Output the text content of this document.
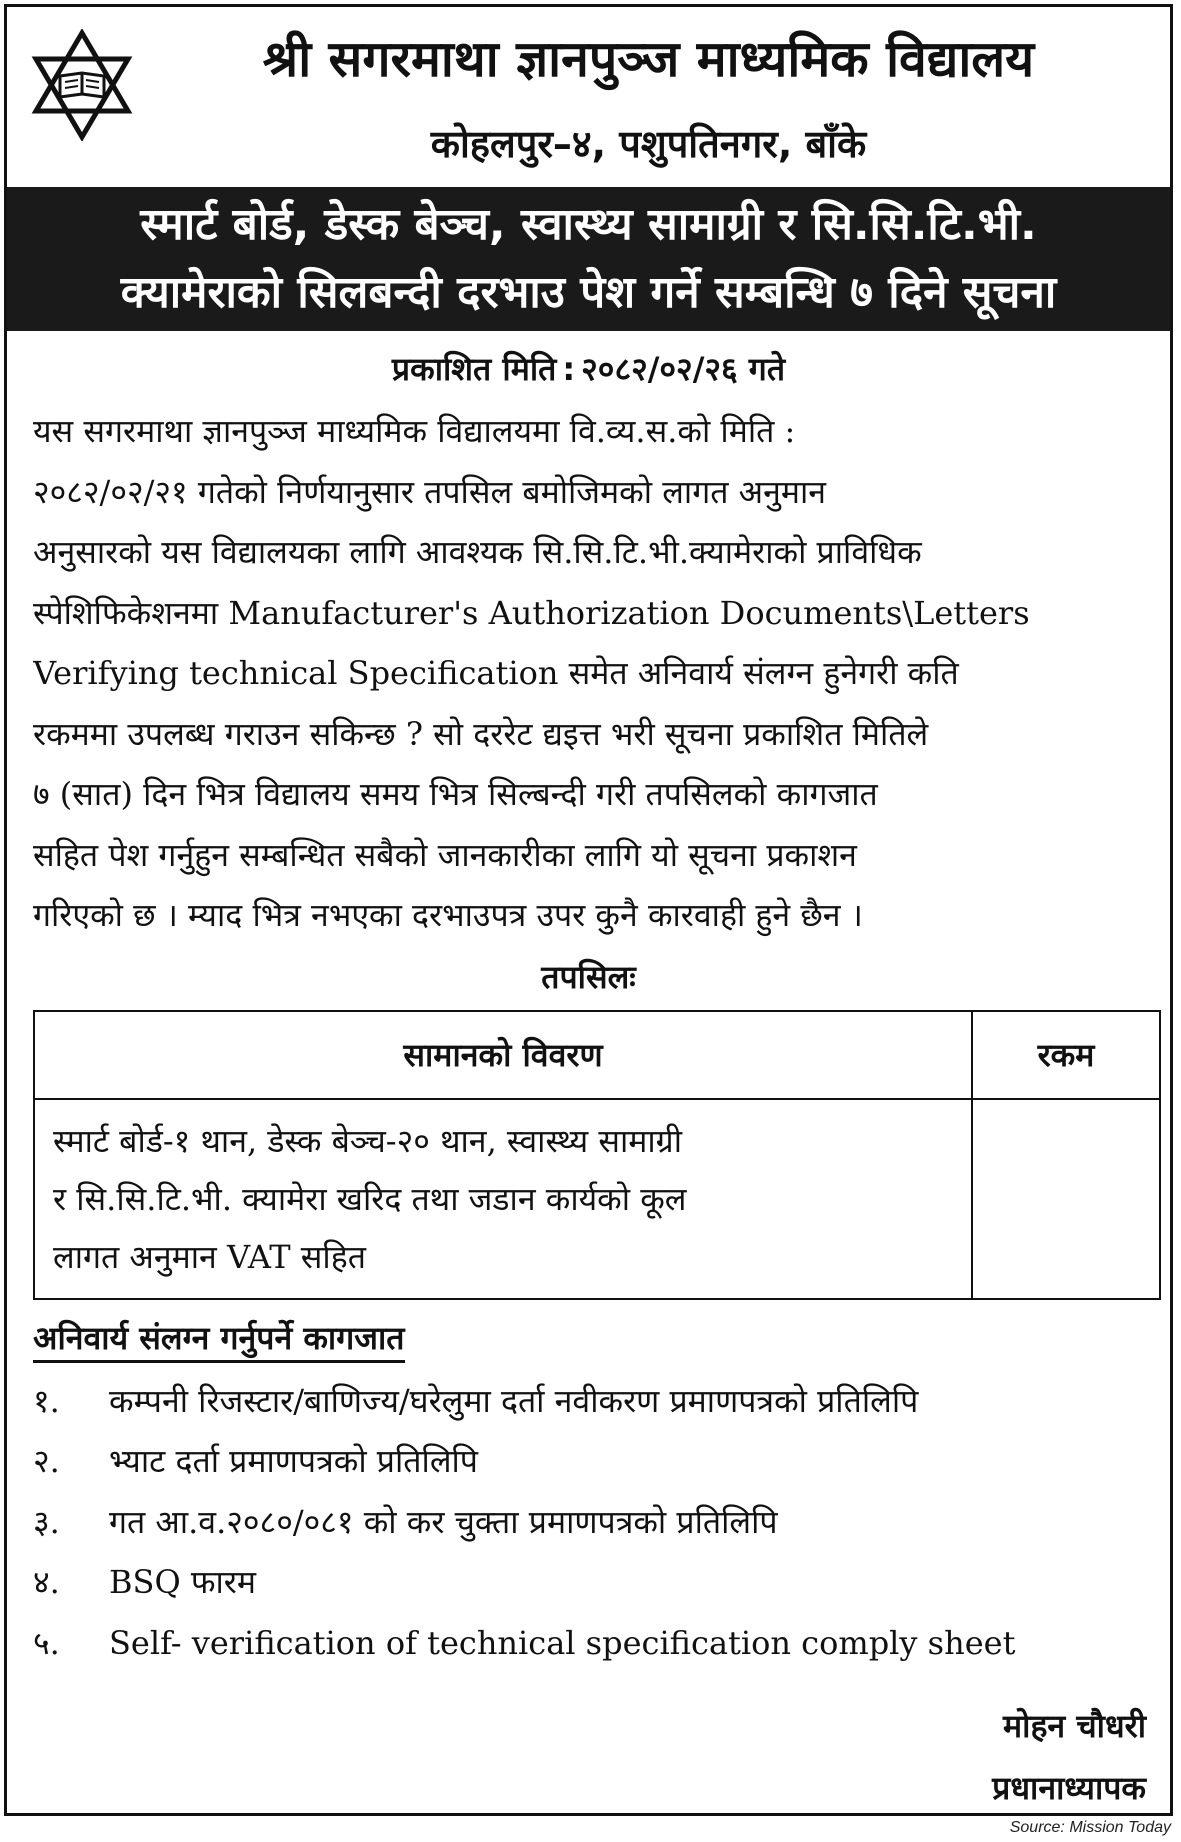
श्री सगरमाथा ज्ञानपुञ्ज माध्यमिक विद्यालय
कोहलपुर–४, पशुपतिनगर, बाँके
स्मार्ट बोर्ड, डेस्क बेञ्च, स्वास्थ्य सामाग्री र सि.सि.टि.भी.
क्यामेराको सिलबन्दी दरभाउ पेश गर्ने सम्बन्धि ७ दिने सूचना
प्रकाशित मिति : २०८२/०२/२६ गते
यस सगरमाथा ज्ञानपुञ्ज माध्यमिक विद्यालयमा वि.व्य.स.को मिति :
२०८२/०२/२१ गतेको निर्णयानुसार तपसिल बमोजिमको लागत अनुमान
अनुसारको यस विद्यालयका लागि आवश्यक सि.सि.टि.भी.क्यामेराको प्राविधिक
स्पेशिफिकेशनमा Manufacturer's Authorization Documents\Letters
Verifying technical Specification समेत अनिवार्य संलग्न हुनेगरी कति
रकममा उपलब्ध गराउन सकिन्छ ? सो दररेट द्यइत्त भरी सूचना प्रकाशित मितिले
७ (सात) दिन भित्र विद्यालय समय भित्र सिल्बन्दी गरी तपसिलको कागजात
सहित पेश गर्नुहुन सम्बन्धित सबैको जानकारीका लागि यो सूचना प्रकाशन
गरिएको छ । म्याद भित्र नभएका दरभाउपत्र उपर कुनै कारवाही हुने छैन ।
तपसिलः
सामानको विवरण	रकम

स्मार्ट बोर्ड-१ थान, डेस्क बेञ्च-२० थान, स्वास्थ्य सामाग्री
र सि.सि.टि.भी. क्यामेरा खरिद तथा जडान कार्यको कूल
लागत अनुमान VAT सहित	

अनिवार्य संलग्न गर्नुपर्ने कागजात
१. कम्पनी रिजस्टार/बाणिज्य/घरेलुमा दर्ता नवीकरण प्रमाणपत्रको प्रतिलिपि
२. भ्याट दर्ता प्रमाणपत्रको प्रतिलिपि
३. गत आ.व.२०८०/०८१ को कर चुक्ता प्रमाणपत्रको प्रतिलिपि
४. BSQ फारम
५. Self- verification of technical specification comply sheet
मोहन चौधरी
प्रधानाध्यापक
Source: Mission Today
